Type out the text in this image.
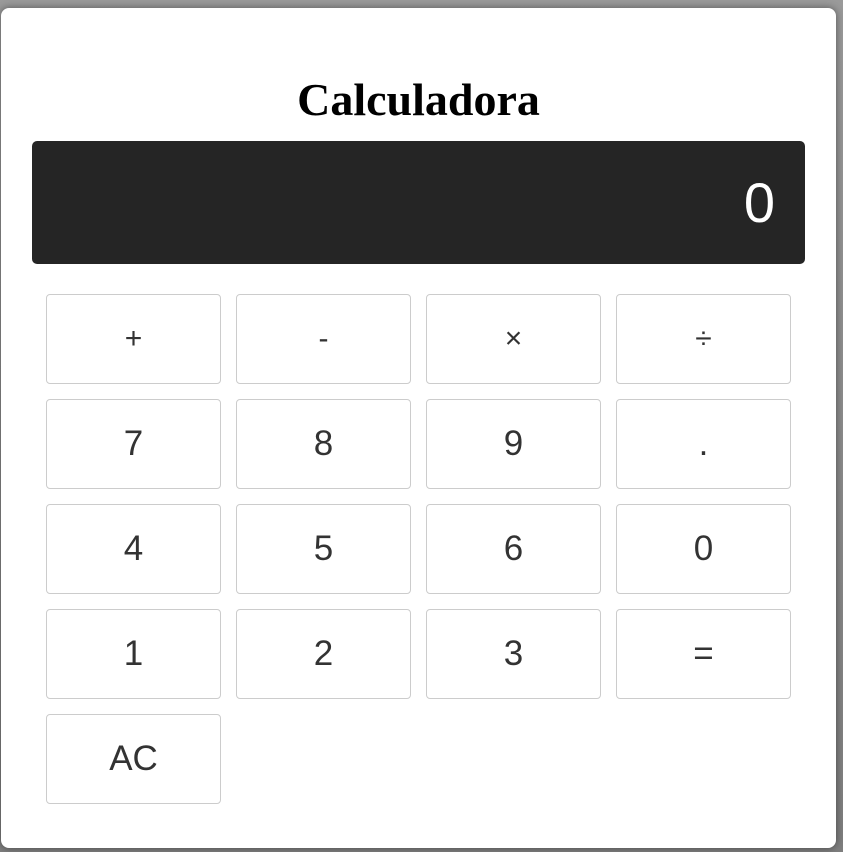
Calculadora
0
+	-	×	÷
7	8	9	.
4	5	6	0
1	2	3	=
AC
